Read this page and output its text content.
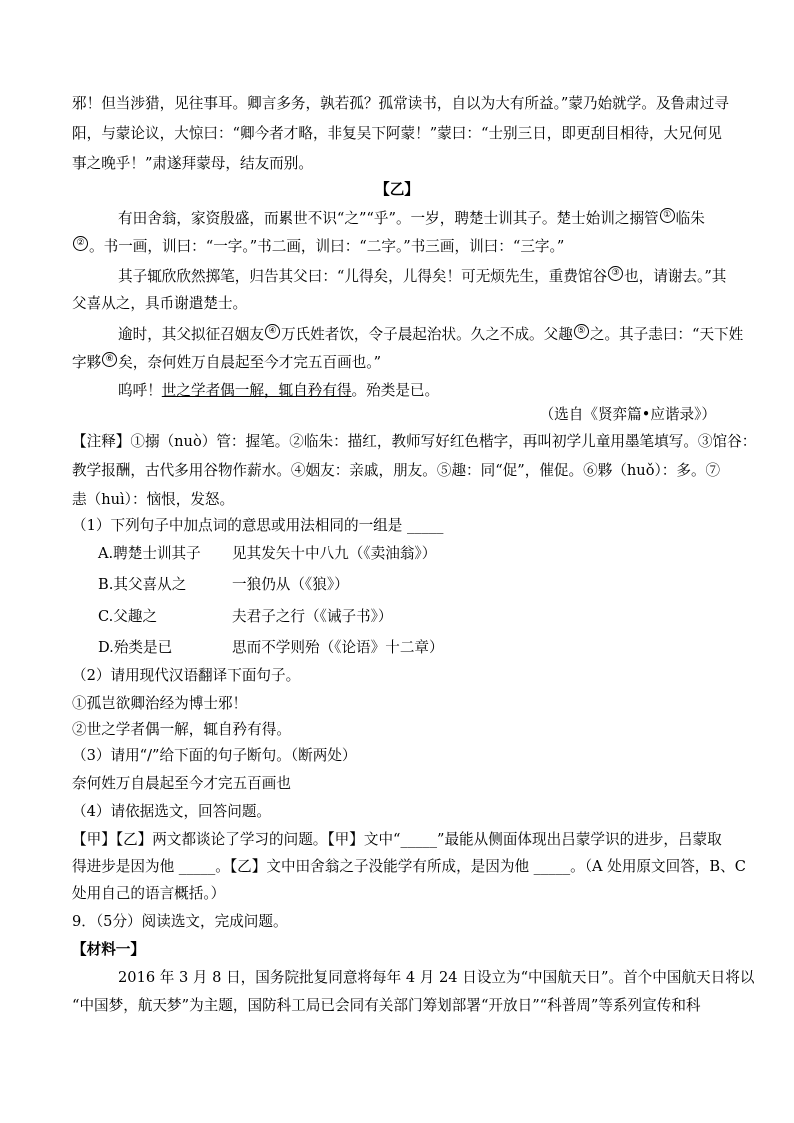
邪！但当涉猎，见往事耳。卿言多务，孰若孤？孤常读书，自以为大有所益。”蒙乃始就学。及鲁肃过寻
阳，与蒙论议，大惊曰：“卿今者才略，非复吴下阿蒙！”蒙曰：“士别三日，即更刮目相待，大兄何见
事之晚乎！”肃遂拜蒙母，结友而别。
【乙】
有田舍翁，家资殷盛，而累世不识“之”“乎”。一岁，聘楚士训其子。楚士始训之搦管 ① 临朱
② 。书一画，训曰：“一字。”书二画，训曰：“二字。”书三画，训曰：“三字。”
其子辄欣欣然掷笔，归告其父曰：“儿得矣，儿得矣！可无烦先生，重费馆谷 ③ 也，请谢去。”其
父喜从之，具币谢遣楚士。
逾时，其父拟征召姻友 ④ 万氏姓者饮，令子晨起治状。久之不成。父趣 ⑤ 之。其子恚曰：“天下姓
字夥 ⑥ 矣，奈何姓万自晨起至今才完五百画也。”
呜呼！世之学者偶一解，辄自矜有得。殆类是已。
（选自《贤弈篇•应谐录》）
【注释】①搦（nuò）管：握笔。②临朱：描红，教师写好红色楷字，再叫初学儿童用墨笔填写。③馆谷：
教学报酬，古代多用谷物作薪水。④姻友：亲戚，朋友。⑤趣：同“促”，催促。⑥夥（huǒ）：多。⑦
恚（huì）：恼恨，发怒。
（1）下列句子中加点词的意思或用法相同的一组是 _____
A.聘楚士训其子 见其发矢十中八九（《卖油翁》）
B.其父喜从之	一狼仍从（《狼》）
C.父趣之	夫君子之行（《诫子书》）
D.殆类是已	思而不学则殆（《论语》十二章）
（2）请用现代汉语翻译下面句子。
①孤岂欲卿治经为博士邪！
②世之学者偶一解，辄自矜有得。
（3）请用“/”给下面的句子断句。（断两处）
奈何姓万自晨起至今才完五百画也
（4）请依据选文，回答问题。
【甲】【乙】两文都谈论了学习的问题。【甲】文中“_____”最能从侧面体现出吕蒙学识的进步，吕蒙取
得进步是因为他 _____。【乙】文中田舍翁之子没能学有所成，是因为他 _____。（A 处用原文回答，B、C
处用自己的语言概括。）
9．（5分）阅读选文，完成问题。
【材料一】
2016 年 3 月 8 日，国务院批复同意将每年 4 月 24 日设立为“中国航天日”。首个中国航天日将以
“中国梦，航天梦”为主题，国防科工局已会同有关部门筹划部署“开放日”“科普周”等系列宣传和科
